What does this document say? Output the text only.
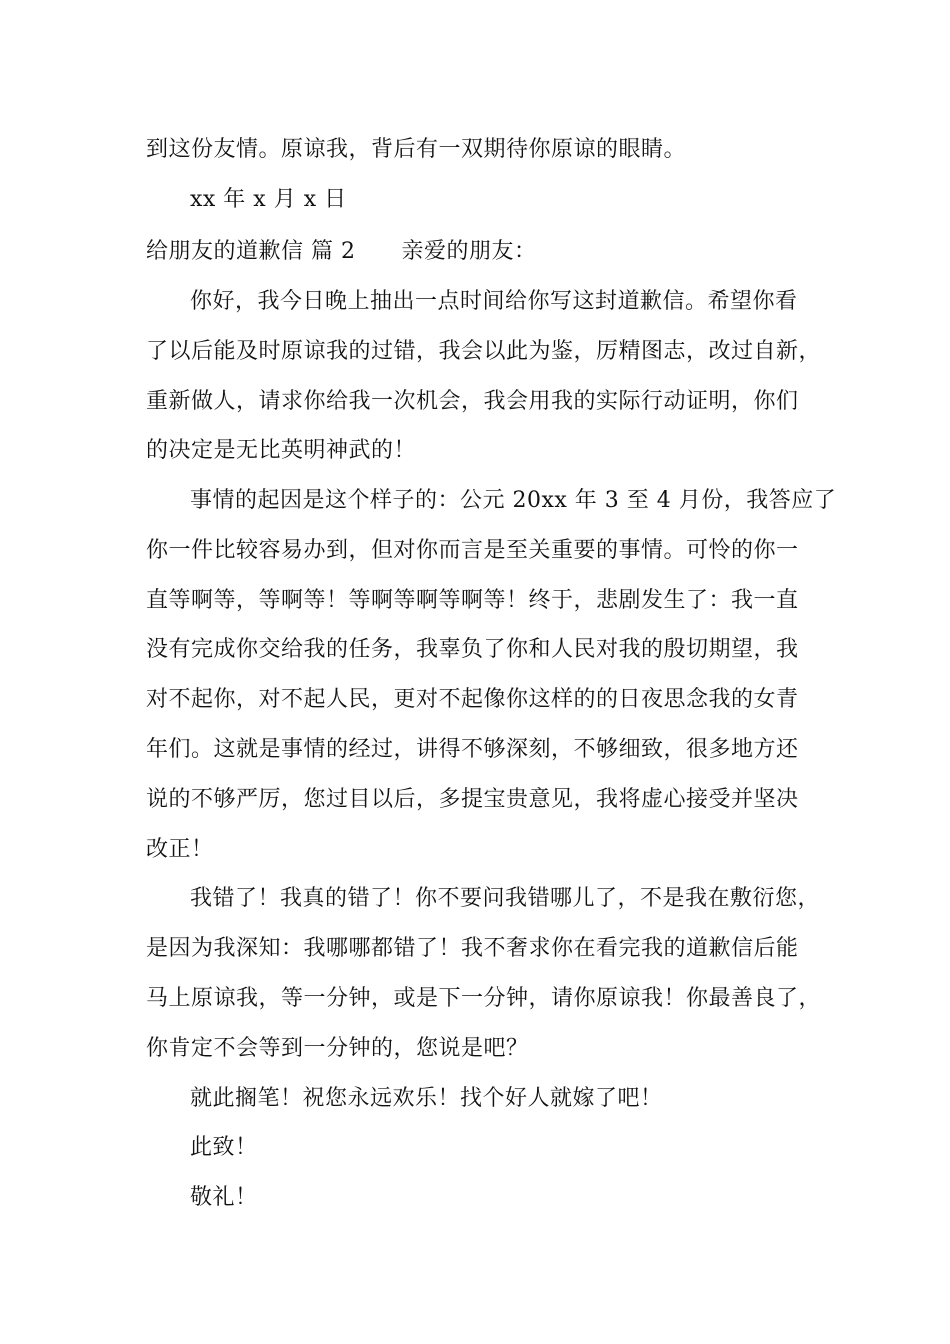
到这份友情。原谅我，背后有一双期待你原谅的眼睛。
xx 年 x 月 x 日
给朋友的道歉信 篇 2 亲爱的朋友：
你好，我今日晚上抽出一点时间给你写这封道歉信。希望你看
了以后能及时原谅我的过错，我会以此为鉴，厉精图志，改过自新，
重新做人，请求你给我一次机会，我会用我的实际行动证明，你们
的决定是无比英明神武的！
事情的起因是这个样子的：公元 20xx 年 3 至 4 月份，我答应了
你一件比较容易办到，但对你而言是至关重要的事情。可怜的你一
直等啊等，等啊等！等啊等啊等啊等！终于，悲剧发生了：我一直
没有完成你交给我的任务，我辜负了你和人民对我的殷切期望，我
对不起你，对不起人民，更对不起像你这样的的日夜思念我的女青
年们。这就是事情的经过，讲得不够深刻，不够细致，很多地方还
说的不够严厉，您过目以后，多提宝贵意见，我将虚心接受并坚决
改正！
我错了！我真的错了！你不要问我错哪儿了，不是我在敷衍您，
是因为我深知：我哪哪都错了！我不奢求你在看完我的道歉信后能
马上原谅我，等一分钟，或是下一分钟，请你原谅我！你最善良了，
你肯定不会等到一分钟的，您说是吧？
就此搁笔！祝您永远欢乐！找个好人就嫁了吧！
此致！
敬礼！
